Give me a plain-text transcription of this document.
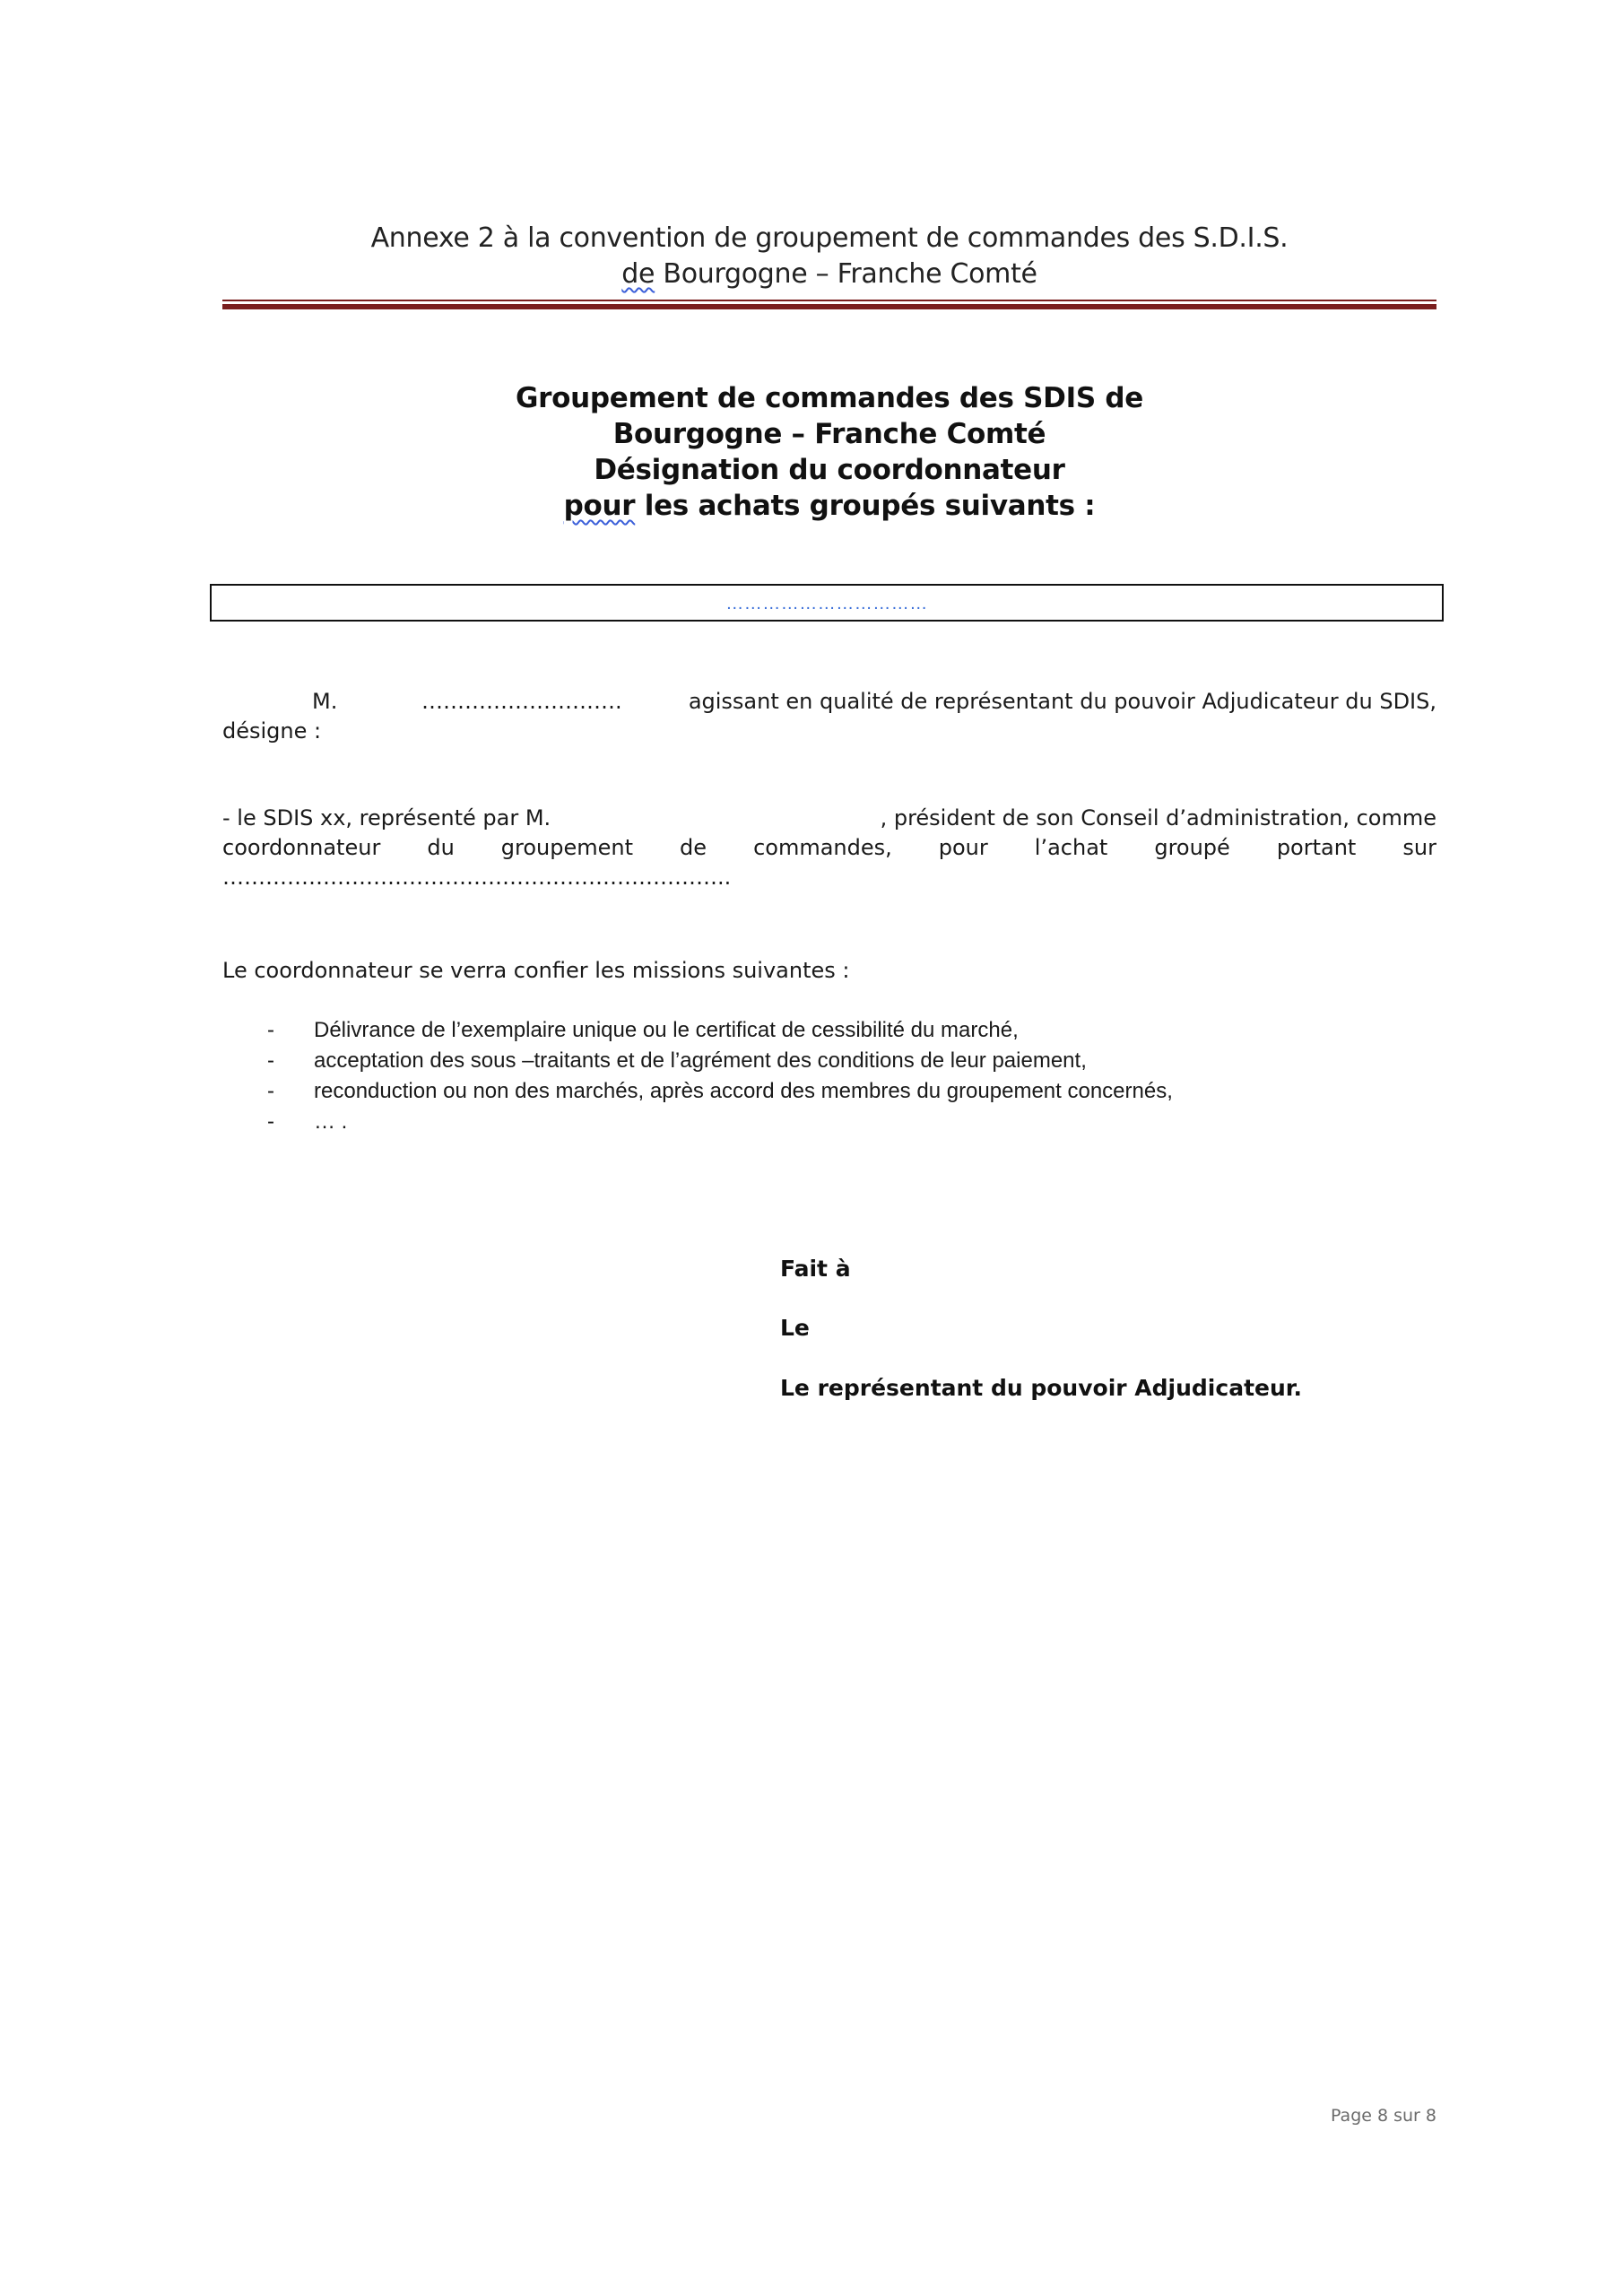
Annexe 2 à la convention de groupement de commandes des S.D.I.S.
de Bourgogne – Franche Comté
Groupement de commandes des SDIS de
Bourgogne – Franche Comté
Désignation du coordonnateur
pour les achats groupés suivants :
……………………………
M.	……………………….	agissant en qualité de représentant du pouvoir Adjudicateur du SDIS,
désigne :
- le SDIS xx, représenté par M.	, président de son Conseil d’administration, comme
coordonnateur du groupement de commandes, pour l’achat groupé portant sur
……………………………………………………………..
Le coordonnateur se verra confier les missions suivantes :
- Délivrance de l’exemplaire unique ou le certificat de cessibilité du marché,
- acceptation des sous –traitants et de l’agrément des conditions de leur paiement,
- reconduction ou non des marchés, après accord des membres du groupement concernés,
- … .
Fait à
Le
Le représentant du pouvoir Adjudicateur.
Page 8 sur 8
